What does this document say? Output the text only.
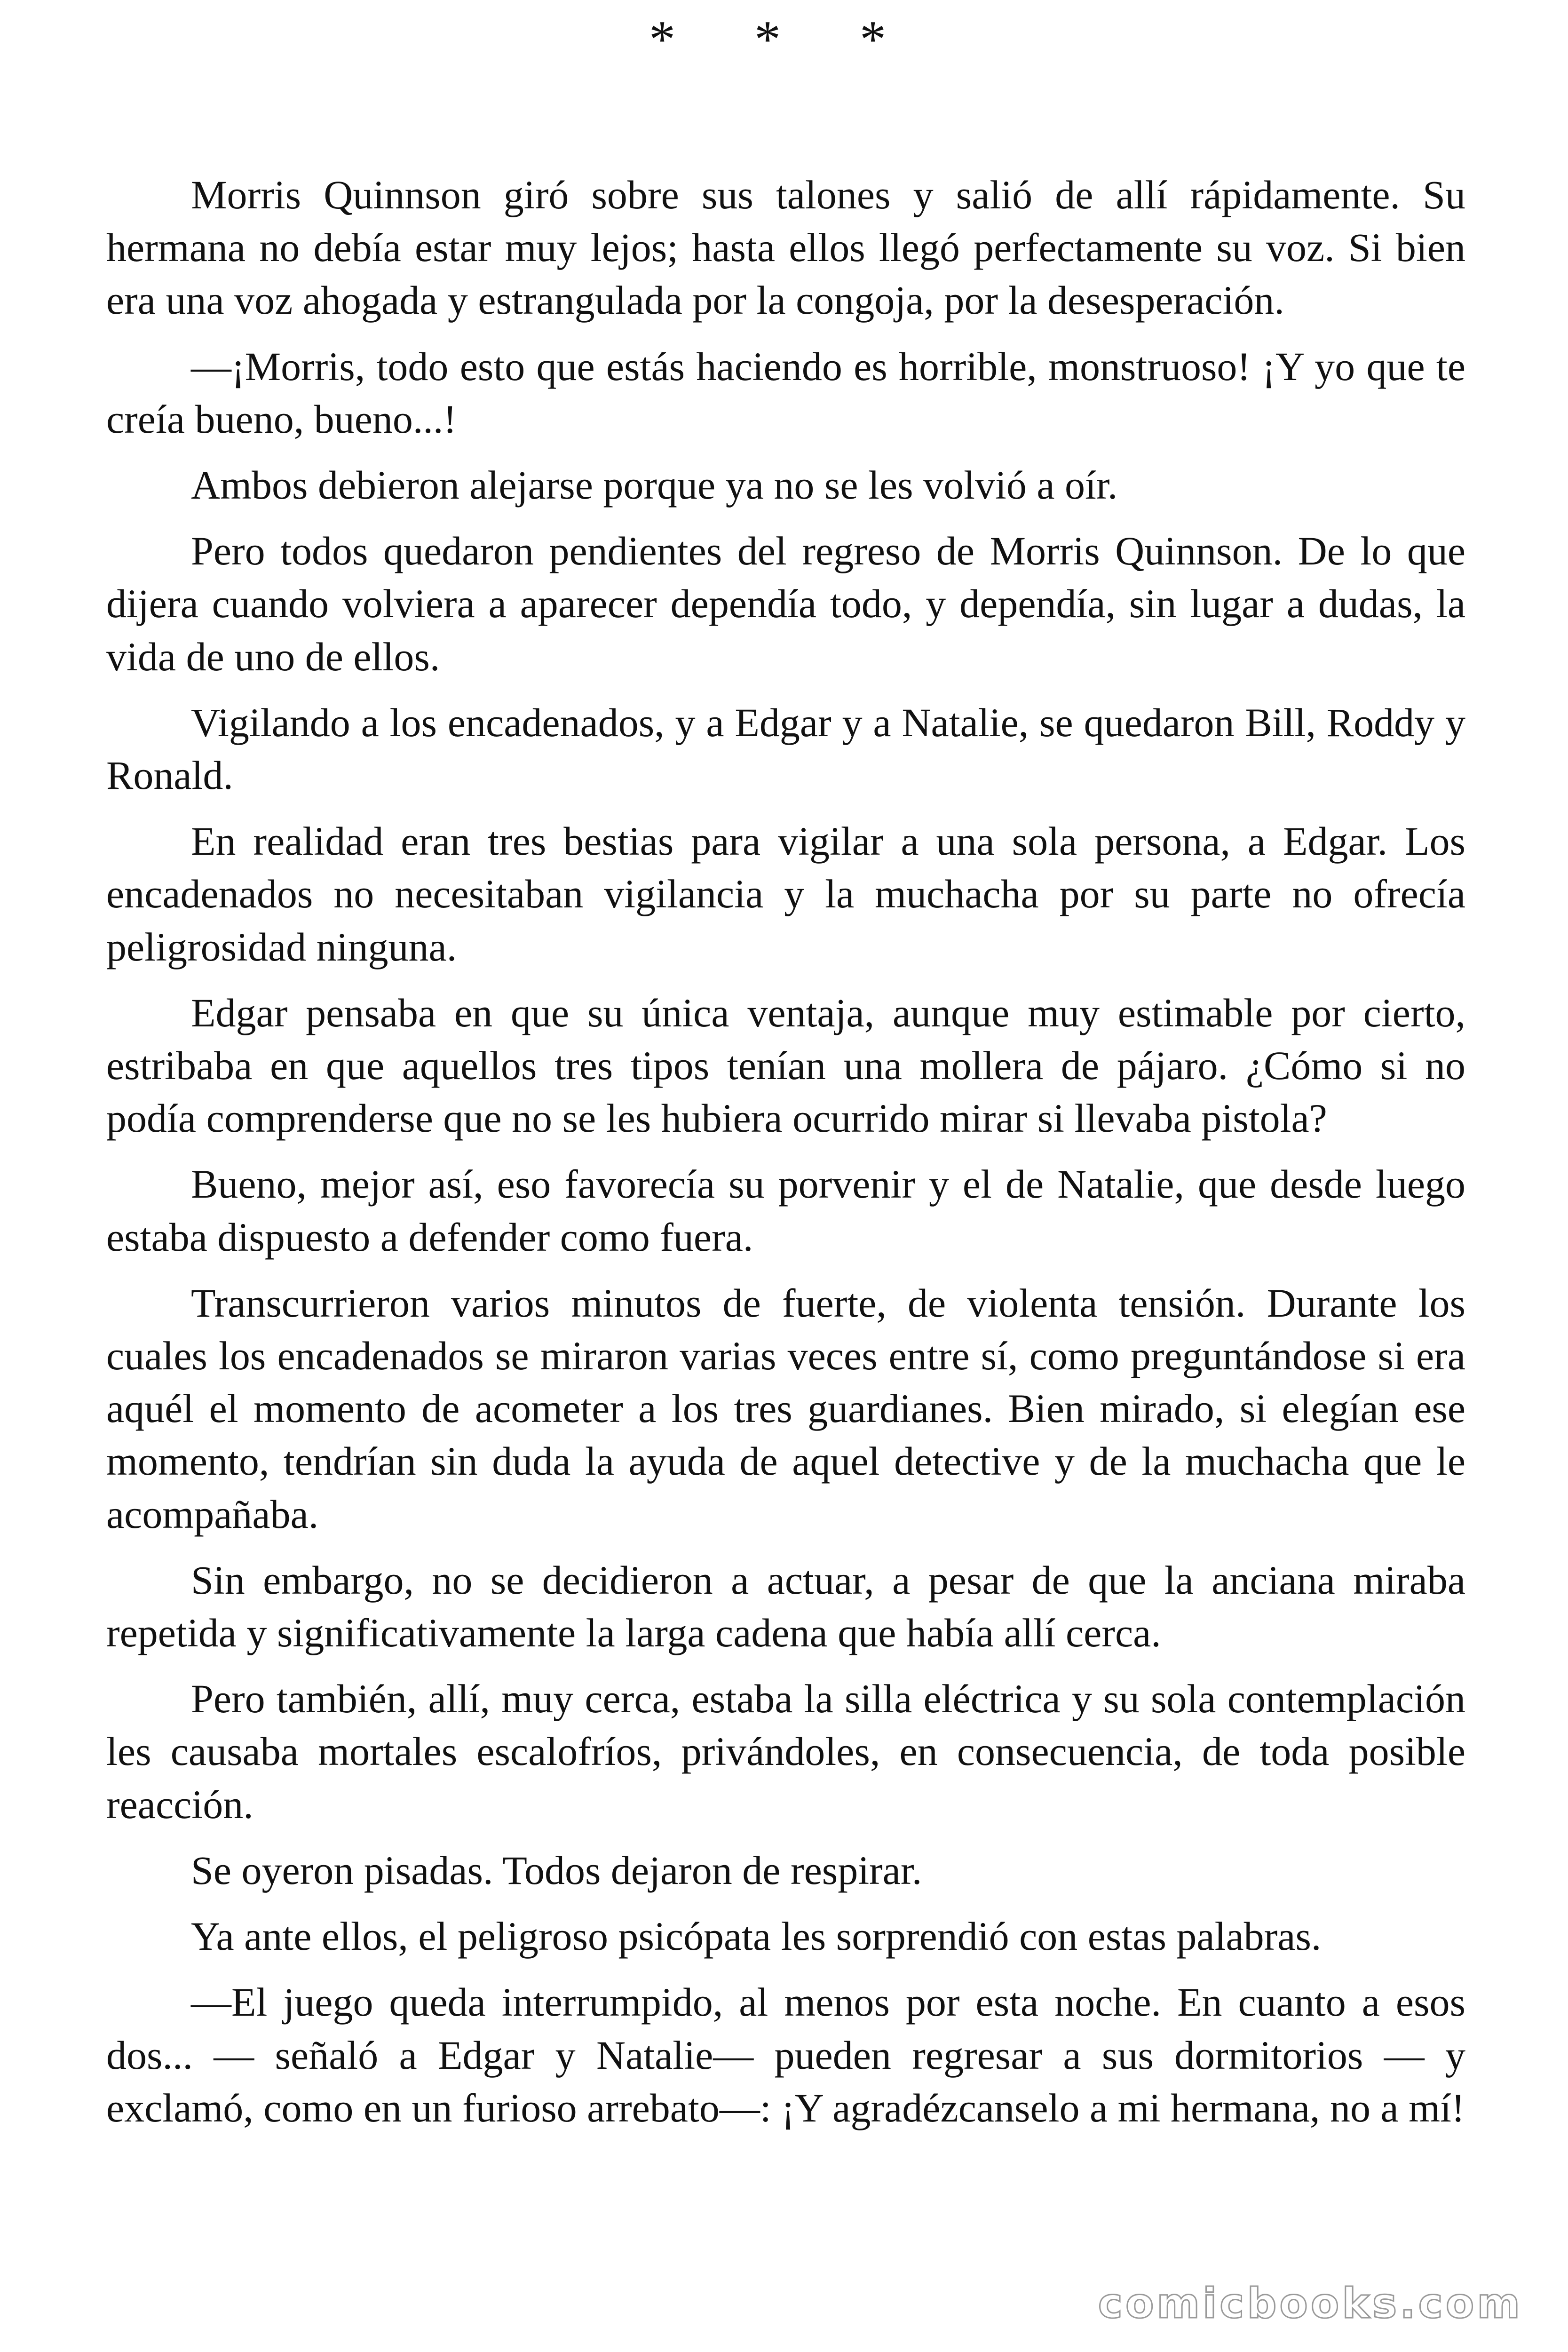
* * *

Morris Quinnson giró sobre sus talones y salió de allí rápidamente. Su hermana no debía estar muy lejos; hasta ellos llegó perfectamente su voz. Si bien era una voz ahogada y estrangulada por la congoja, por la desesperación.

—¡Morris, todo esto que estás haciendo es horrible, monstruoso! ¡Y yo que te creía bueno, bueno...!

Ambos debieron alejarse porque ya no se les volvió a oír.

Pero todos quedaron pendientes del regreso de Morris Quinnson. De lo que dijera cuando volviera a aparecer dependía todo, y dependía, sin lugar a dudas, la vida de uno de ellos.

Vigilando a los encadenados, y a Edgar y a Natalie, se quedaron Bill, Roddy y Ronald.

En realidad eran tres bestias para vigilar a una sola persona, a Edgar. Los encadenados no necesitaban vigilancia y la muchacha por su parte no ofrecía peligrosidad ninguna.

Edgar pensaba en que su única ventaja, aunque muy estimable por cierto, estribaba en que aquellos tres tipos tenían una mollera de pájaro. ¿Cómo si no podía comprenderse que no se les hubiera ocurrido mirar si llevaba pistola?

Bueno, mejor así, eso favorecía su porvenir y el de Natalie, que desde luego estaba dispuesto a defender como fuera.

Transcurrieron varios minutos de fuerte, de violenta tensión. Durante los cuales los encadenados se miraron varias veces entre sí, como preguntándose si era aquél el momento de acometer a los tres guardianes. Bien mirado, si elegían ese momento, tendrían sin duda la ayuda de aquel detective y de la muchacha que le acompañaba.

Sin embargo, no se decidieron a actuar, a pesar de que la anciana miraba repetida y significativamente la larga cadena que había allí cerca.

Pero también, allí, muy cerca, estaba la silla eléctrica y su sola contemplación les causaba mortales escalofríos, privándoles, en consecuencia, de toda posible reacción.

Se oyeron pisadas. Todos dejaron de respirar.

Ya ante ellos, el peligroso psicópata les sorprendió con estas palabras.

—El juego queda interrumpido, al menos por esta noche. En cuanto a esos dos... — señaló a Edgar y Natalie— pueden regresar a sus dormitorios — y exclamó, como en un furioso arrebato—: ¡Y agradézcanselo a mi hermana, no a mí!

comicbooks.com
